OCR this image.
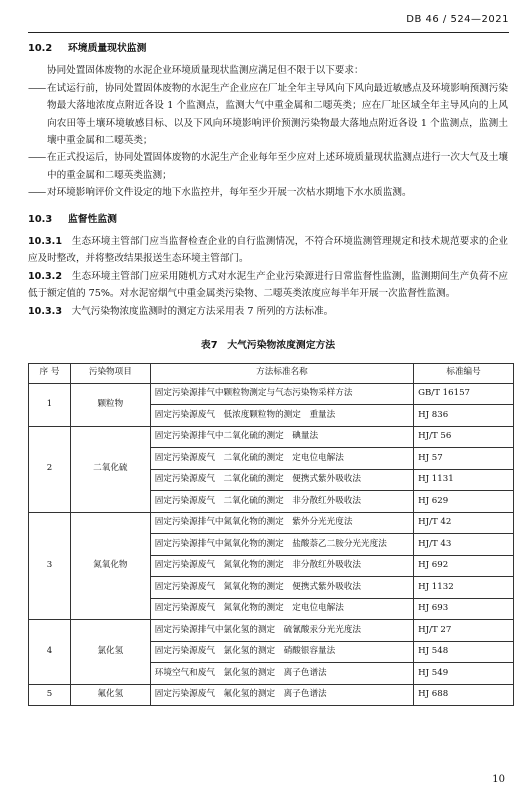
DB 46 / 524—2021

10.2 环境质量现状监测

协同处置固体废物的水泥企业环境质量现状监测应满足但不限于以下要求：

—— 在试运行前，协同处置固体废物的水泥生产企业应在厂址全年主导风向下风向最近敏感点及环境影响预测污染物最大落地浓度点附近各设 1 个监测点，监测大气中重金属和二噁英类；应在厂址区域全年主导风向的上风向农田等土壤环境敏感目标、以及下风向环境影响评价预测污染物最大落地点附近各设 1 个监测点，监测土壤中重金属和二噁英类；
—— 在正式投运后，协同处置固体废物的水泥生产企业每年至少应对上述环境质量现状监测点进行一次大气及土壤中的重金属和二噁英类监测；
—— 对环境影响评价文件设定的地下水监控井，每年至少开展一次枯水期地下水水质监测。

10.3 监督性监测

10.3.1　 生态环境主管部门应当监督检查企业的自行监测情况，不符合环境监测管理规定和技术规范要求的企业应及时整改，并将整改结果报送生态环境主管部门。

10.3.2　 生态环境主管部门应采用随机方式对水泥生产企业污染源进行日常监督性监测，监测期间生产负荷不应低于额定值的 75%。对水泥窑烟气中重金属类污染物、二噁英类浓度应每半年开展一次监督性监测。

10.3.3　 大气污染物浓度监测时的测定方法采用表 7 所列的方法标准。

表7　大气污染物浓度测定方法
序 号	污染物项目	方法标准名称	标准编号
1	颗粒物	固定污染源排气中颗粒物测定与气态污染物采样方法	GB/T 16157
		固定污染源废气　低浓度颗粒物的测定　重量法	HJ 836
2	二氧化硫	固定污染源排气中二氧化硫的测定　碘量法	HJ/T 56
		固定污染源废气　二氧化硫的测定　定电位电解法	HJ 57
		固定污染源废气　二氧化硫的测定　便携式紫外吸收法	HJ 1131
		固定污染源废气　二氧化硫的测定　非分散红外吸收法	HJ 629
3	氮氧化物	固定污染源排气中氮氧化物的测定　紫外分光光度法	HJ/T 42
		固定污染源排气中氮氧化物的测定　盐酸萘乙二胺分光光度法	HJ/T 43
		固定污染源废气　氮氧化物的测定　非分散红外吸收法	HJ 692
		固定污染源废气　氮氧化物的测定　便携式紫外吸收法	HJ 1132
		固定污染源废气　氮氧化物的测定　定电位电解法	HJ 693
4	氯化氢	固定污染源排气中氯化氢的测定　硫氰酸汞分光光度法	HJ/T 27
		固定污染源废气　氯化氢的测定　硝酸银容量法	HJ 548
		环境空气和废气　氯化氢的测定　离子色谱法	HJ 549
5	氟化氢	固定污染源废气　氟化氢的测定　离子色谱法	HJ 688
10
